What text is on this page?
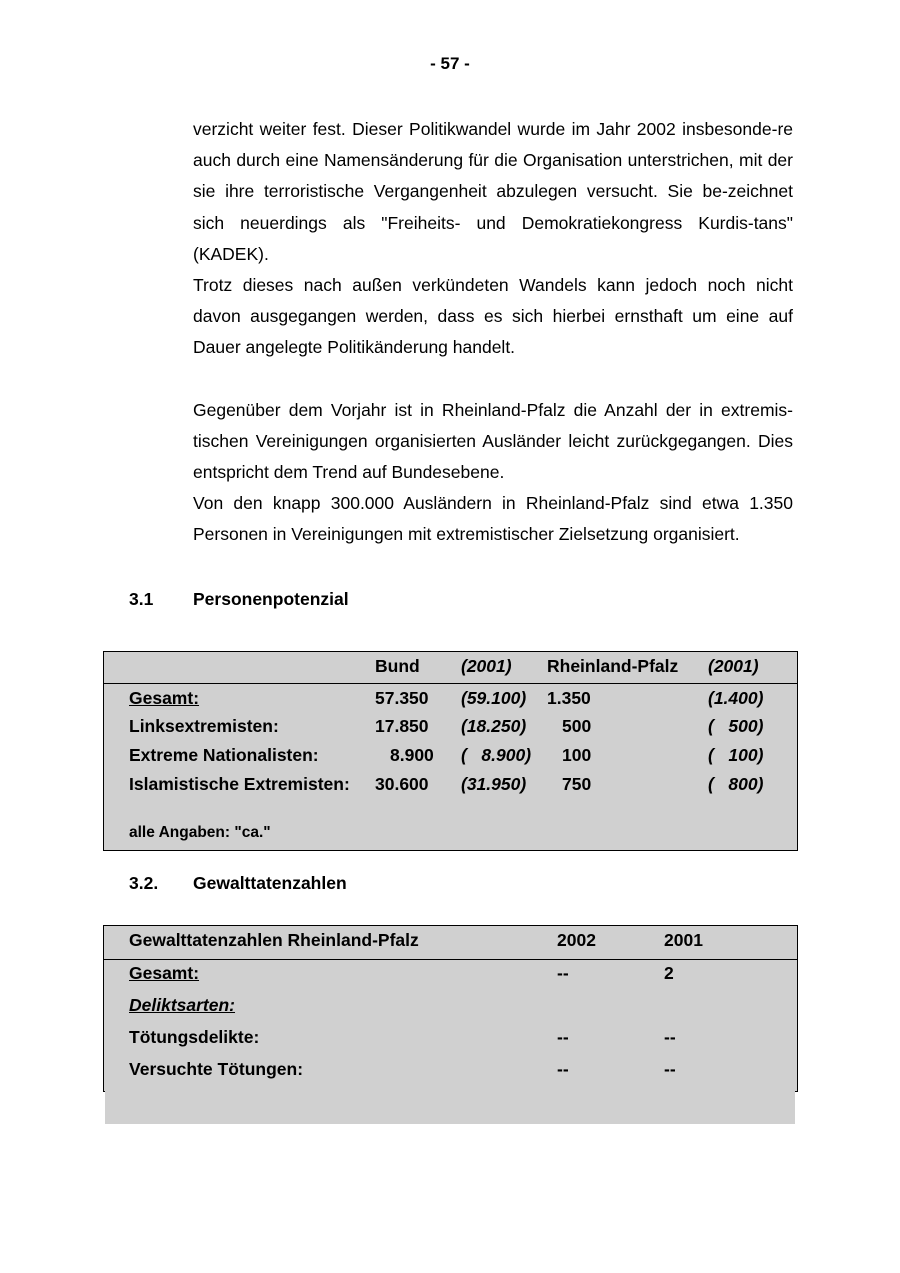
- 57 -
verzicht weiter fest. Dieser Politikwandel wurde im Jahr 2002 insbesonde-re auch durch eine Namensänderung für die Organisation unterstrichen, mit der sie ihre terroristische Vergangenheit abzulegen versucht. Sie be-zeichnet sich neuerdings als "Freiheits- und Demokratiekongress Kurdis-tans" (KADEK).
Trotz dieses nach außen verkündeten Wandels kann jedoch noch nicht davon ausgegangen werden, dass es sich hierbei ernsthaft um eine auf Dauer angelegte Politikänderung handelt.
Gegenüber dem Vorjahr ist in Rheinland-Pfalz die Anzahl der in extremis-tischen Vereinigungen organisierten Ausländer leicht zurückgegangen. Dies entspricht dem Trend auf Bundesebene.
Von den knapp 300.000 Ausländern in Rheinland-Pfalz sind etwa 1.350 Personen in Vereinigungen mit extremistischer Zielsetzung organisiert.
3.1 Personenpotenzial
Bund (2001) Rheinland-Pfalz (2001)
Gesamt:	57.350 (59.100) 1.350	(1.400)
Linksextremisten:	17.850 (18.250) 500	(   500)
Extreme Nationalisten:	8.900 (   8.900) 100	(   100)
Islamistische Extremisten: 30.600 (31.950) 750	(   800)
alle Angaben: "ca."
3.2. Gewalttatenzahlen
Gewalttatenzahlen Rheinland-Pfalz	2002	2001
Gesamt:	--	2
Deliktsarten:
Tötungsdelikte:	--	--
Versuchte Tötungen:	--	--
